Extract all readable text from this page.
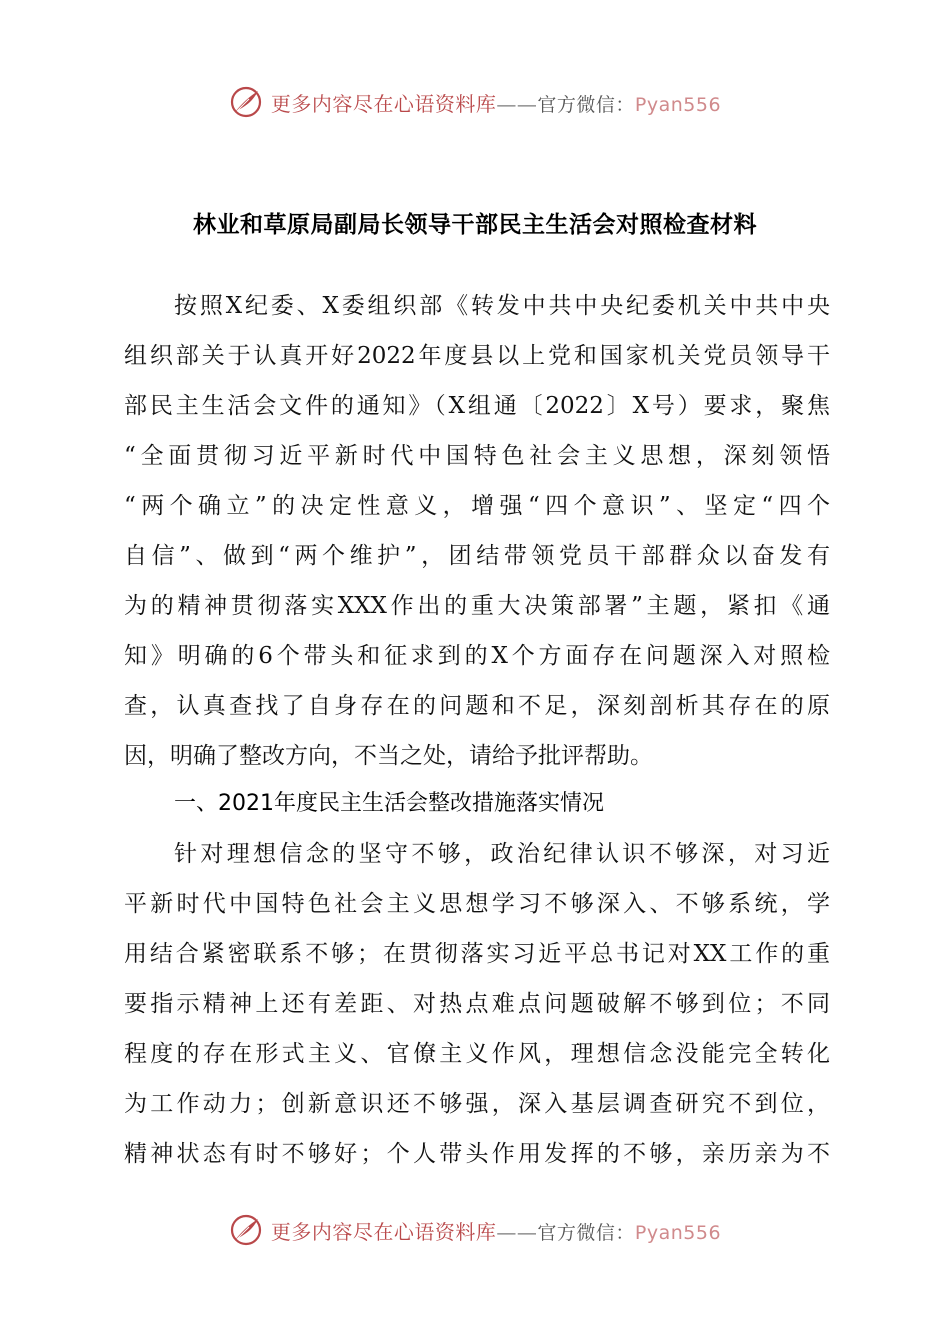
更多内容尽在心语资料库——官方微信：Pyan556
林业和草原局副局长领导干部民主生活会对照检查材料
按照X纪委、X委组织部《转发中共中央纪委机关中共中央
组织部关于认真开好2022年度县以上党和国家机关党员领导干
部民主生活会文件的通知》（X组通〔2022〕X号）要求，聚焦
“全面贯彻习近平新时代中国特色社会主义思想，深刻领悟
“两个确立”的决定性意义，增强“四个意识”、坚定“四个
自信”、做到“两个维护”，团结带领党员干部群众以奋发有
为的精神贯彻落实XXX作出的重大决策部署”主题，紧扣《通
知》明确的6个带头和征求到的X个方面存在问题深入对照检
查，认真查找了自身存在的问题和不足，深刻剖析其存在的原
因，明确了整改方向，不当之处，请给予批评帮助。
一、2021年度民主生活会整改措施落实情况
针对理想信念的坚守不够，政治纪律认识不够深，对习近
平新时代中国特色社会主义思想学习不够深入、不够系统，学
用结合紧密联系不够；在贯彻落实习近平总书记对XX工作的重
要指示精神上还有差距、对热点难点问题破解不够到位；不同
程度的存在形式主义、官僚主义作风，理想信念没能完全转化
为工作动力；创新意识还不够强，深入基层调查研究不到位，
精神状态有时不够好；个人带头作用发挥的不够，亲历亲为不
更多内容尽在心语资料库——官方微信：Pyan556
